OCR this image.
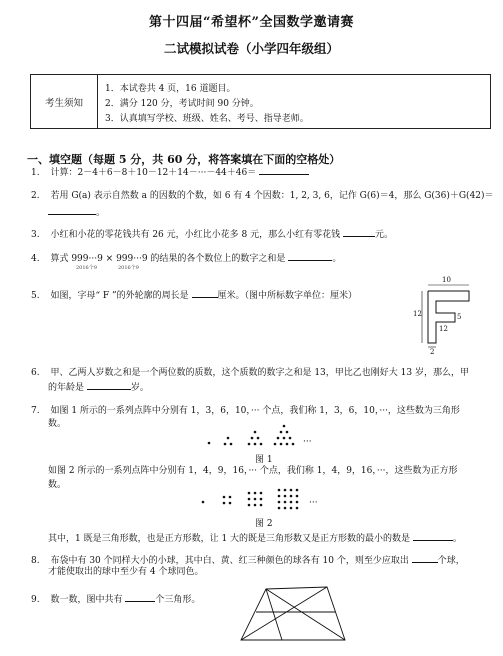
第十四届“希望杯”全国数学邀请赛
二试模拟试卷（小学四年级组）
考生须知
1．本试卷共 4 页，16 道题目。
2．满分 120 分，考试时间 90 分钟。
3．认真填写学校、班级、姓名、考号、指导老师。
一、填空题（每题 5 分，共 60 分，将答案填在下面的空格处）
1. 计算：2－4＋6－8＋10－12＋14－···－44＋46＝
2. 若用 G(a) 表示自然数 a 的因数的个数，如 6 有 4 个因数：1, 2, 3, 6，记作 G(6)＝4，那么 G(36)＋G(42)＝
。
3. 小红和小花的零花钱共有 26 元，小红比小花多 8 元，那么小红有零花钱	元。
4. 算式 999···9 × 999···9 的结果的各个数位上的数字之和是	。
2016个9	2016个9
5. 如图，字母“ F ”的外轮廓的周长是	厘米。（图中所标数字单位：厘米）
10
12
12
5
2
6. 甲、乙两人岁数之和是一个两位数的质数，这个质数的数字之和是 13，甲比乙也刚好大 13 岁，那么，甲
的年龄是	岁。
7. 如图 1 所示的一系列点阵中分别有 1，3，6，10，··· 个点，我们称 1，3，6，10，···，这些数为三角形
数。
···
图 1
如图 2 所示的一系列点阵中分别有 1，4，9，16，··· 个点，我们称 1，4，9，16，···，这些数为正方形
数。
···
图 2
其中，1 既是三角形数，也是正方形数，让 1 大的既是三角形数又是正方形数的最小的数是	。
8. 布袋中有 30 个同样大小的小球，其中白、黄、红三种颜色的球各有 10 个，则至少应取出	个球，
才能使取出的球中至少有 4 个球同色。
9. 数一数，图中共有	个三角形。
